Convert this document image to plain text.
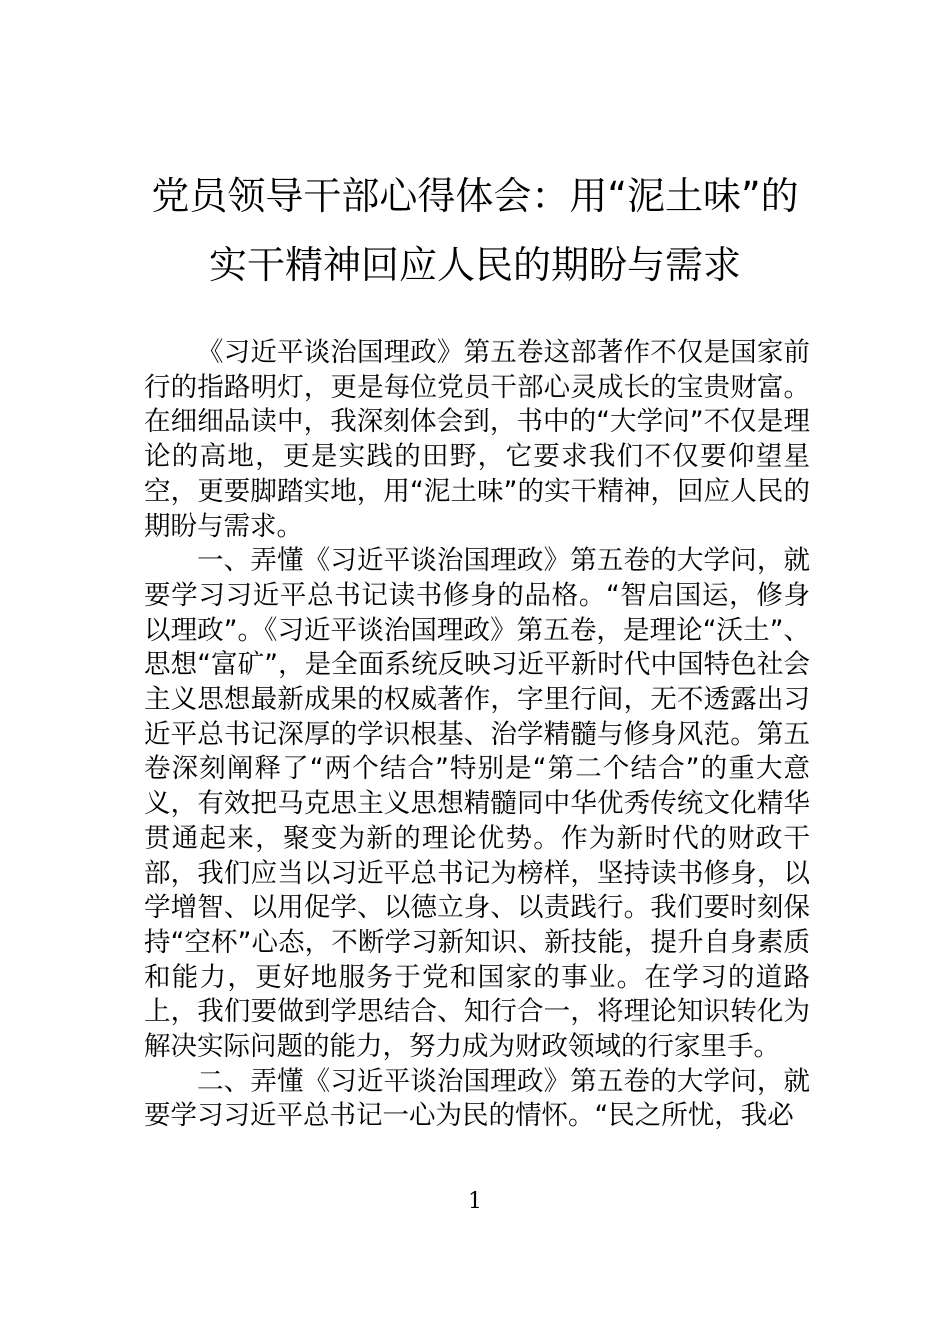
党员领导干部心得体会：用“泥土味”的
实干精神回应人民的期盼与需求

《习近平谈治国理政》第五卷这部著作不仅是国家前行的指路明灯，更是每位党员干部心灵成长的宝贵财富。在细细品读中，我深刻体会到，书中的“大学问”不仅是理论的高地，更是实践的田野，它要求我们不仅要仰望星空，更要脚踏实地，用“泥土味”的实干精神，回应人民的期盼与需求。

一、弄懂《习近平谈治国理政》第五卷的大学问，就要学习习近平总书记读书修身的品格。“智启国运，修身以理政”。《习近平谈治国理政》第五卷，是理论“沃土”、思想“富矿”，是全面系统反映习近平新时代中国特色社会主义思想最新成果的权威著作，字里行间，无不透露出习近平总书记深厚的学识根基、治学精髓与修身风范。第五卷深刻阐释了“两个结合”特别是“第二个结合”的重大意义，有效把马克思主义思想精髓同中华优秀传统文化精华贯通起来，聚变为新的理论优势。作为新时代的财政干部，我们应当以习近平总书记为榜样，坚持读书修身，以学增智、以用促学、以德立身、以责践行。我们要时刻保持“空杯”心态，不断学习新知识、新技能，提升自身素质和能力，更好地服务于党和国家的事业。在学习的道路上，我们要做到学思结合、知行合一，将理论知识转化为解决实际问题的能力，努力成为财政领域的行家里手。

二、弄懂《习近平谈治国理政》第五卷的大学问，就要学习习近平总书记一心为民的情怀。“民之所忧，我必

1
